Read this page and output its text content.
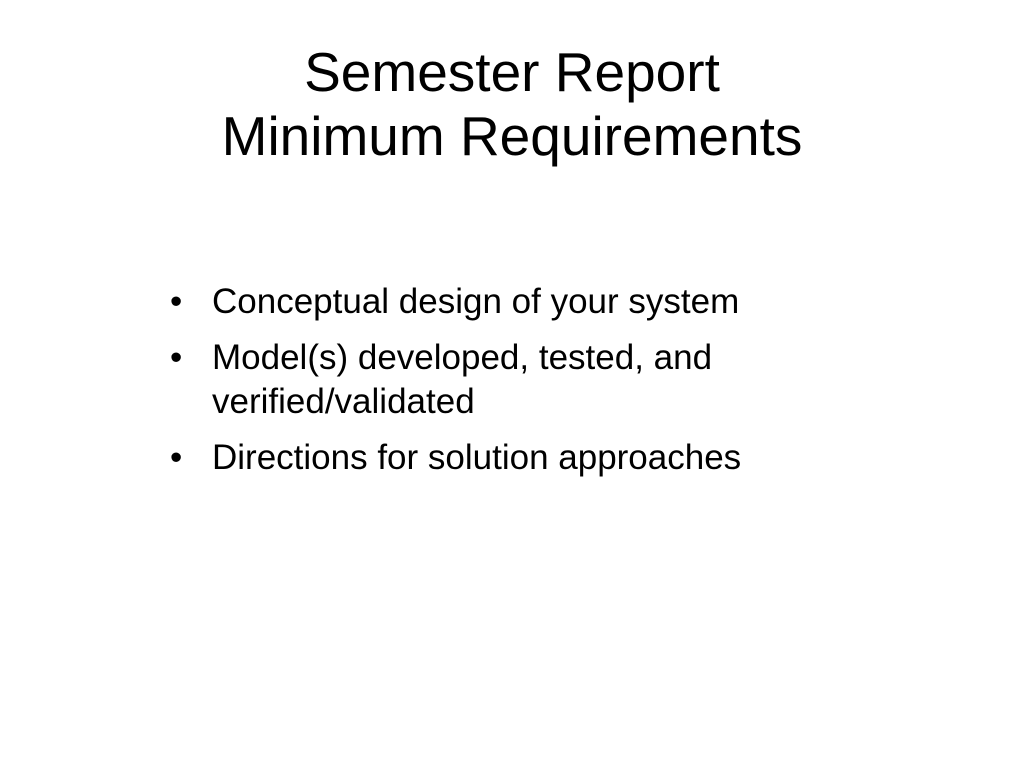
Semester Report
Minimum Requirements
• Conceptual design of your system
• Model(s) developed, tested, and verified/validated
• Directions for solution approaches
